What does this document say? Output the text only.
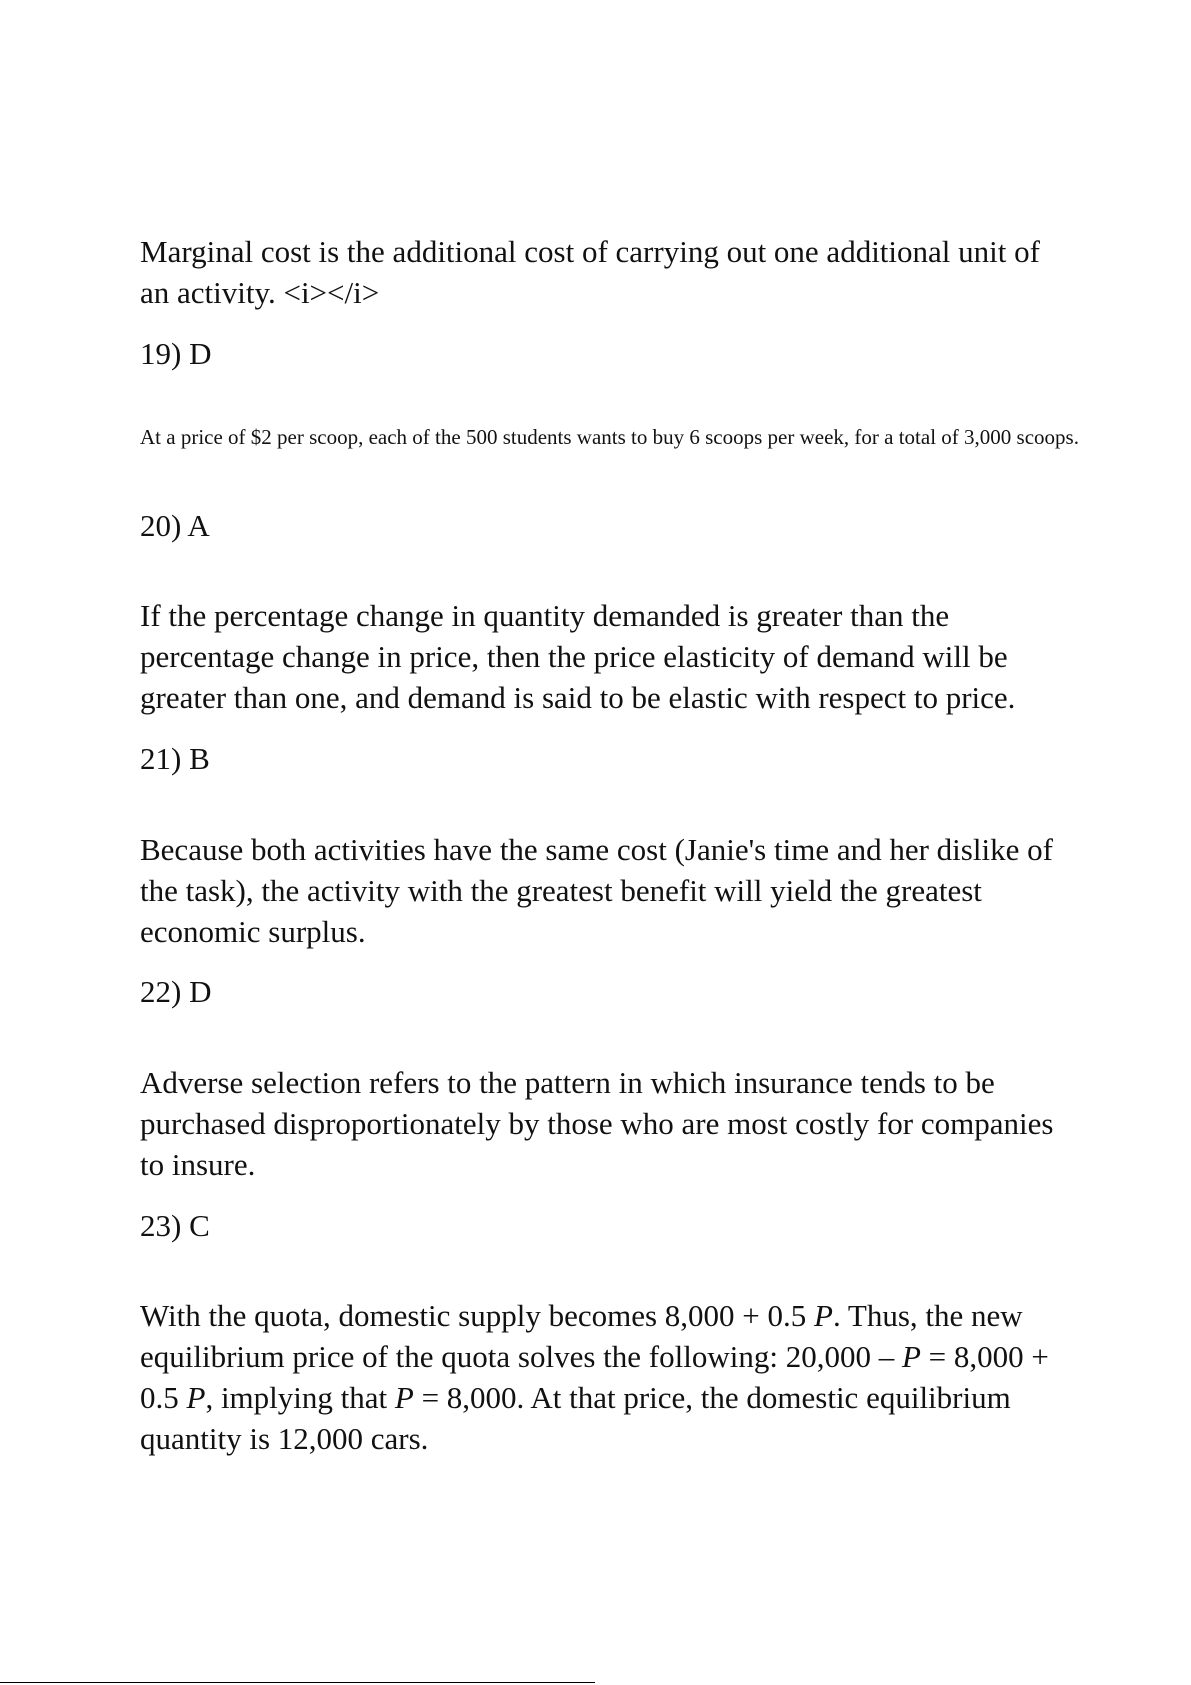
Marginal cost is the additional cost of carrying out one additional unit of an activity. <i></i>

19) D

At a price of $2 per scoop, each of the 500 students wants to buy 6 scoops per week, for a total of 3,000 scoops.

20) A

If the percentage change in quantity demanded is greater than the percentage change in price, then the price elasticity of demand will be greater than one, and demand is said to be elastic with respect to price.

21) B

Because both activities have the same cost (Janie's time and her dislike of the task), the activity with the greatest benefit will yield the greatest economic surplus.

22) D

Adverse selection refers to the pattern in which insurance tends to be purchased disproportionately by those who are most costly for companies to insure.

23) C

With the quota, domestic supply becomes 8,000 + 0.5 P. Thus, the new equilibrium price of the quota solves the following: 20,000 – P = 8,000 + 0.5 P, implying that P = 8,000. At that price, the domestic equilibrium quantity is 12,000 cars.
